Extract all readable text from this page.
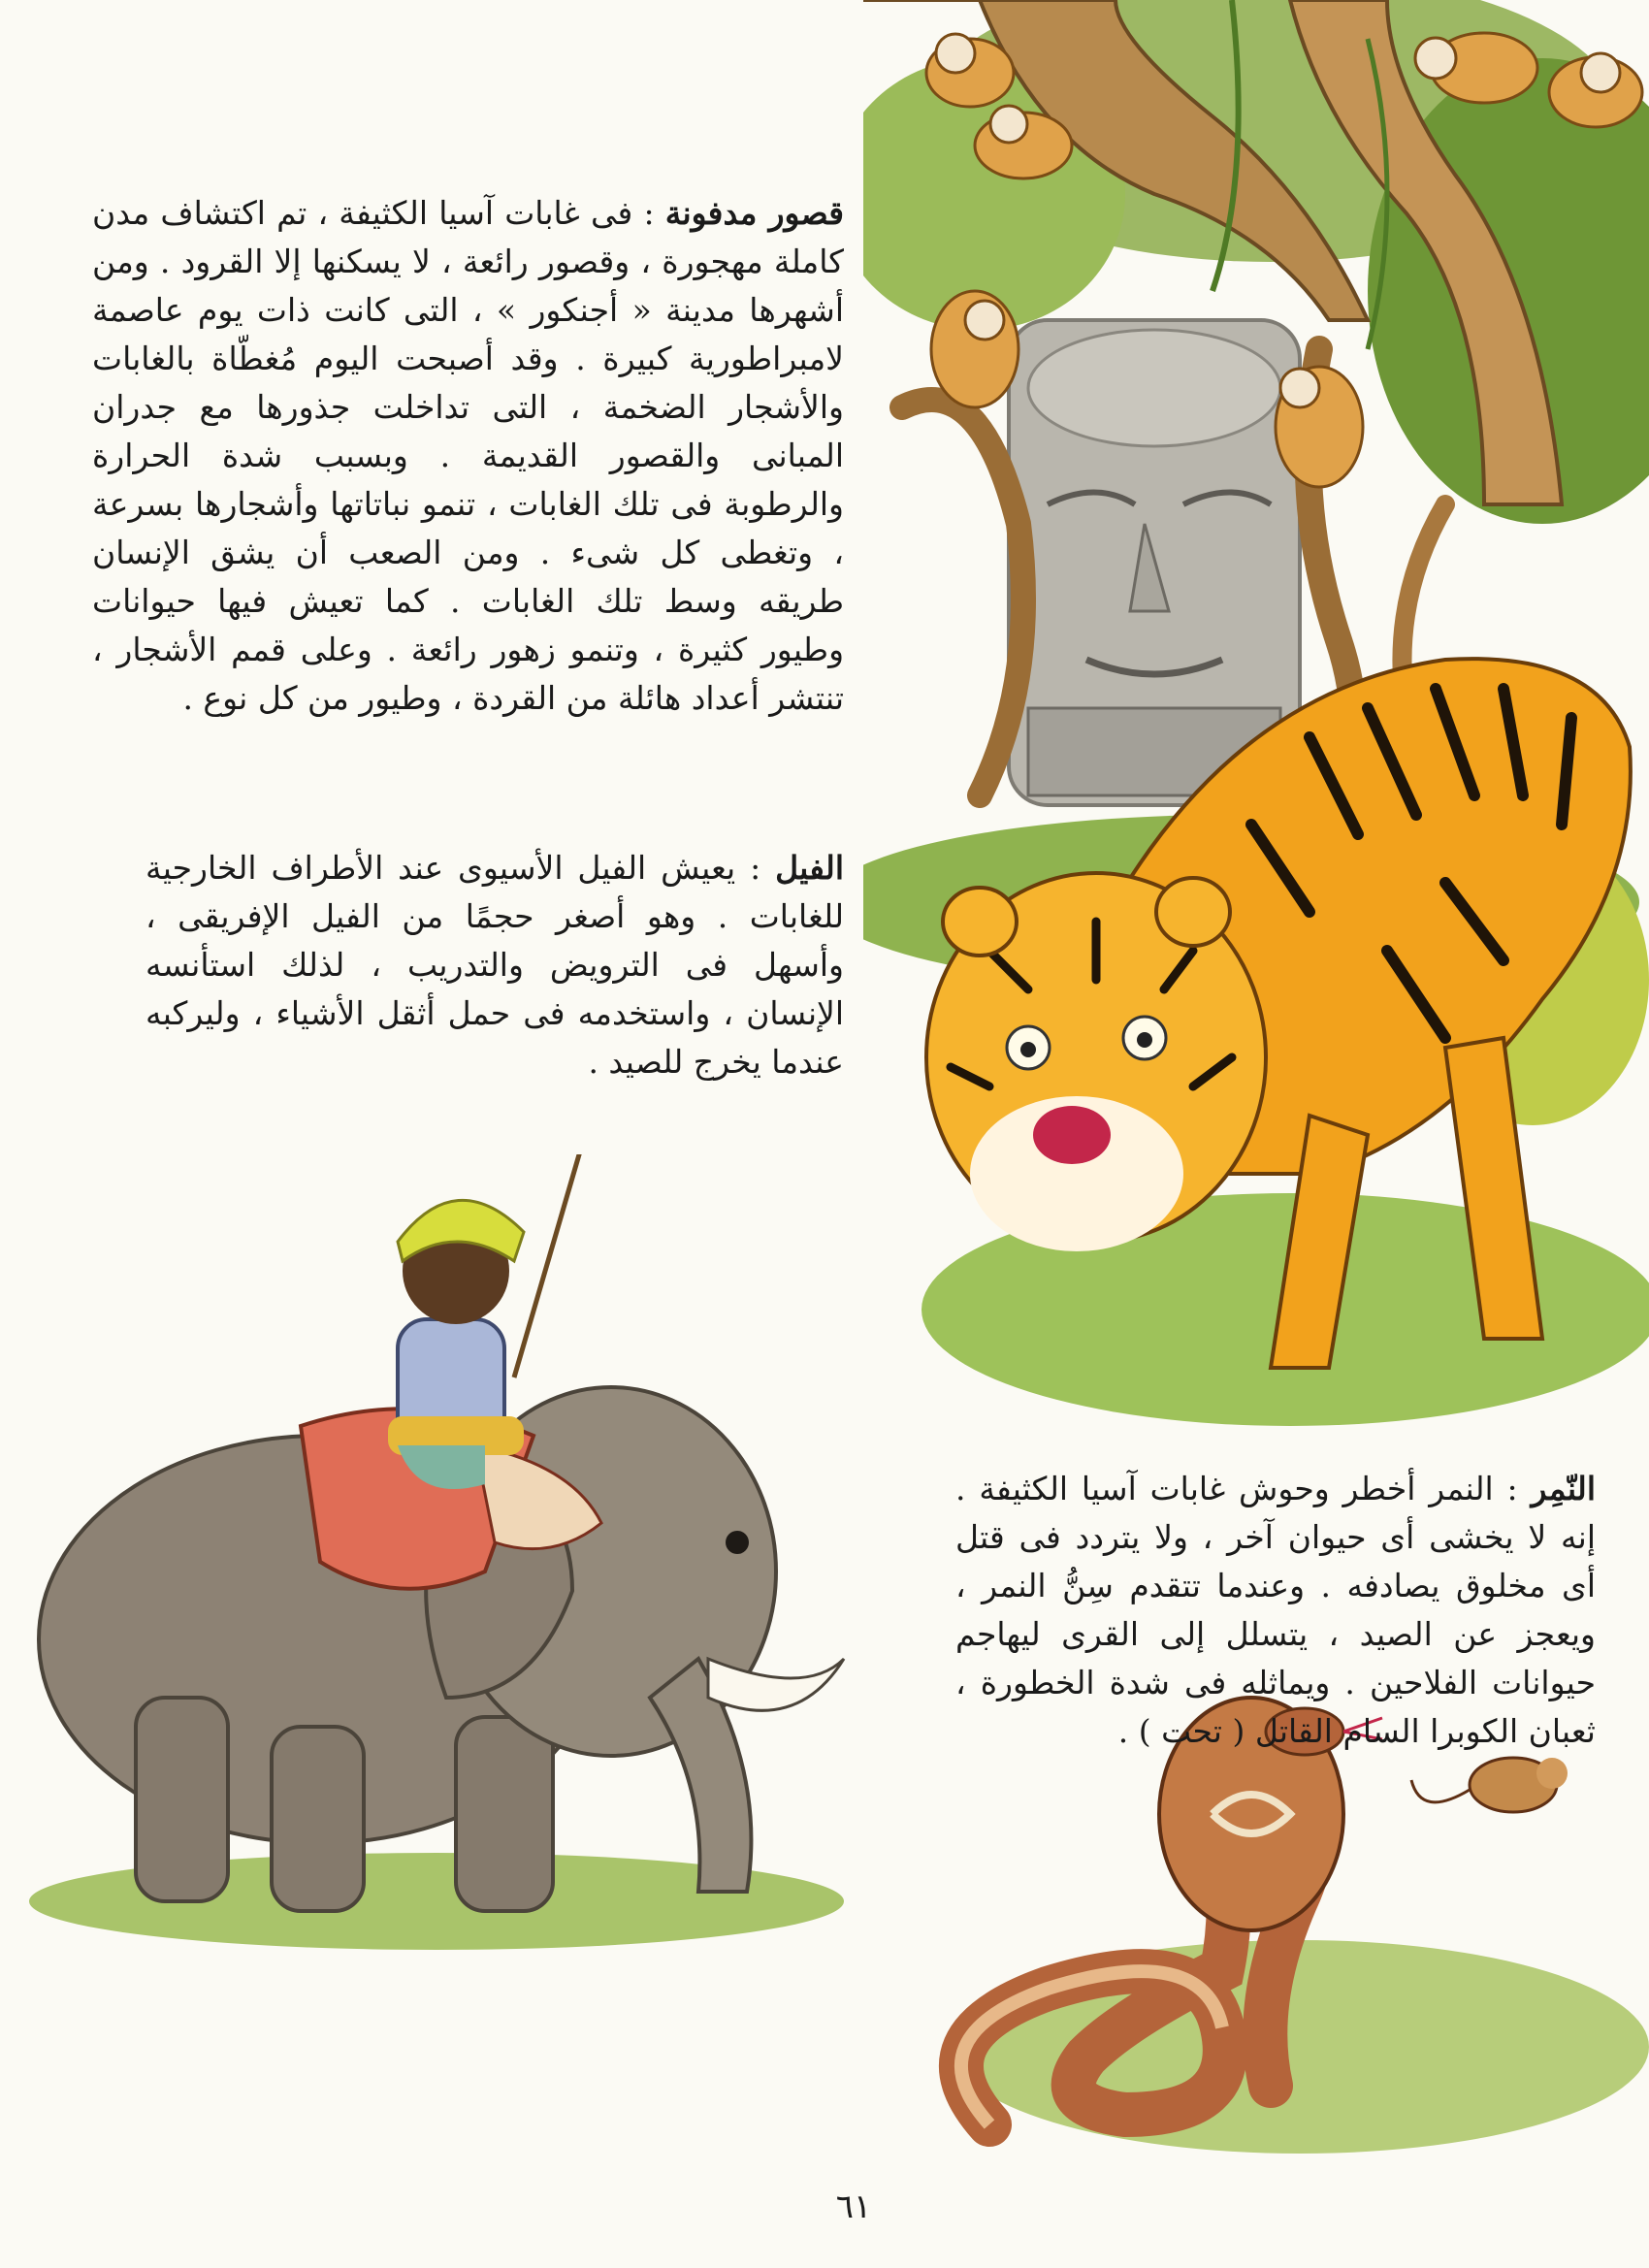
قصور مدفونة : فى غابات آسيا الكثيفة ، تم اكتشاف مدن كاملة مهجورة ، وقصور رائعة ، لا يسكنها إلا القرود . ومن أشهرها مدينة « أجنكور » ، التى كانت ذات يوم عاصمة لامبراطورية كبيرة . وقد أصبحت اليوم مُغطّاة بالغابات والأشجار الضخمة ، التى تداخلت جذورها مع جدران المبانى والقصور القديمة . وبسبب شدة الحرارة والرطوبة فى تلك الغابات ، تنمو نباتاتها وأشجارها بسرعة ، وتغطى كل شىء . ومن الصعب أن يشق الإنسان طريقه وسط تلك الغابات . كما تعيش فيها حيوانات وطيور كثيرة ، وتنمو زهور رائعة . وعلى قمم الأشجار ، تنتشر أعداد هائلة من القردة ، وطيور من كل نوع .

الفيل : يعيش الفيل الأسيوى عند الأطراف الخارجية للغابات . وهو أصغر حجمًا من الفيل الإفريقى ، وأسهل فى الترويض والتدريب ، لذلك استأنسه الإنسان ، واستخدمه فى حمل أثقل الأشياء ، وليركبه عندما يخرج للصيد .

النّمِر : النمر أخطر وحوش غابات آسيا الكثيفة . إنه لا يخشى أى حيوان آخر ، ولا يتردد فى قتل أى مخلوق يصادفه . وعندما تتقدم سِنُّ النمر ، ويعجز عن الصيد ، يتسلل إلى القرى ليهاجم حيوانات الفلاحين . ويماثله فى شدة الخطورة ، ثعبان الكوبرا السام القاتل ( تحت ) .

٦١
